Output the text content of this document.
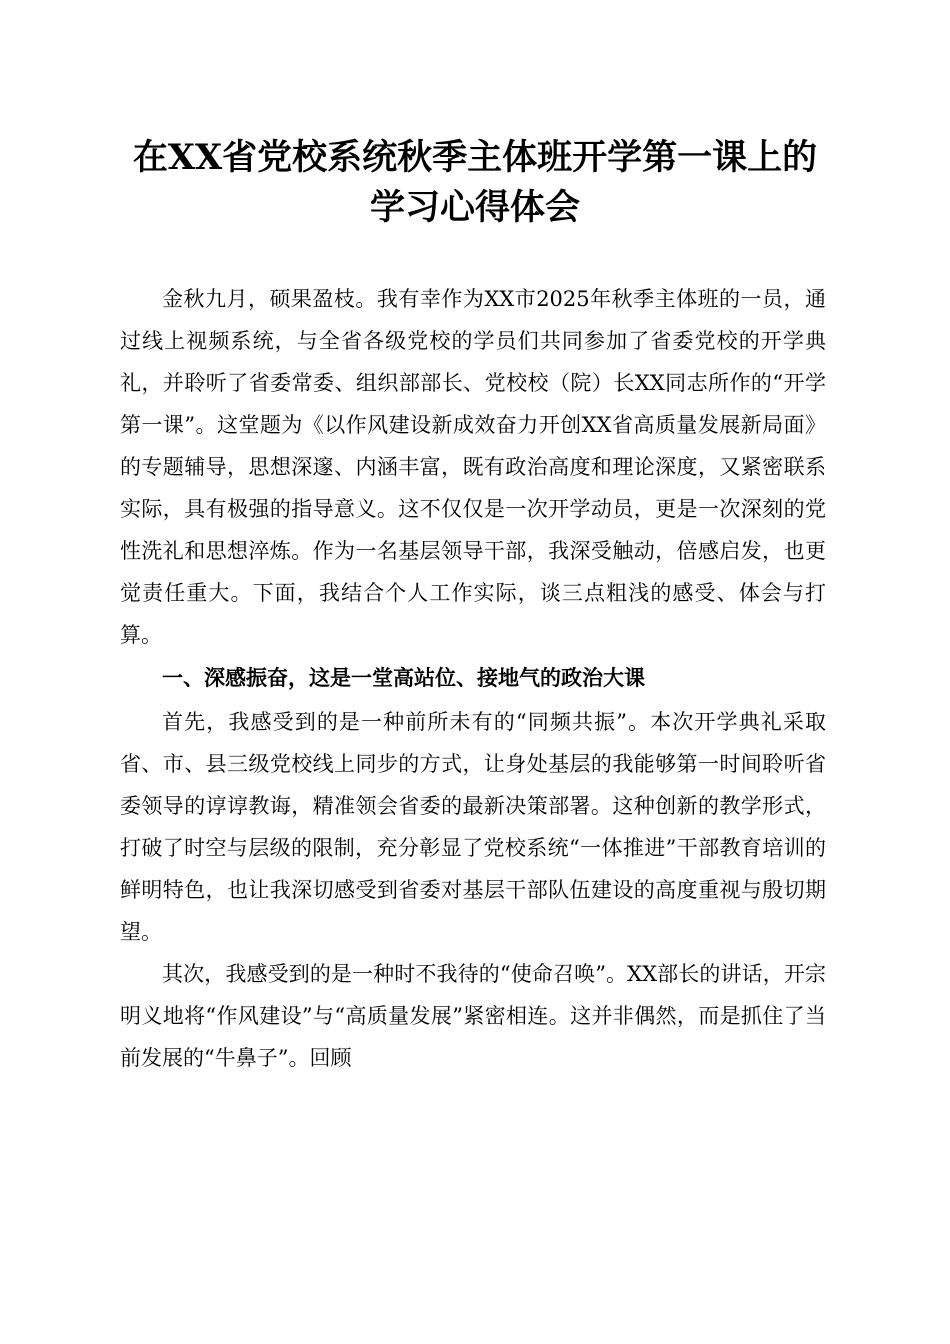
在XX省党校系统秋季主体班开学第一课上的
学习心得体会

金秋九月，硕果盈枝。我有幸作为XX市2025年秋季主体班的一员，通过线上视频系统，与全省各级党校的学员们共同参加了省委党校的开学典礼，并聆听了省委常委、组织部部长、党校校（院）长XX同志所作的“开学第一课”。这堂题为《以作风建设新成效奋力开创XX省高质量发展新局面》的专题辅导，思想深邃、内涵丰富，既有政治高度和理论深度，又紧密联系实际，具有极强的指导意义。这不仅仅是一次开学动员，更是一次深刻的党性洗礼和思想淬炼。作为一名基层领导干部，我深受触动，倍感启发，也更觉责任重大。下面，我结合个人工作实际，谈三点粗浅的感受、体会与打算。

一、深感振奋，这是一堂高站位、接地气的政治大课

首先，我感受到的是一种前所未有的“同频共振”。本次开学典礼采取省、市、县三级党校线上同步的方式，让身处基层的我能够第一时间聆听省委领导的谆谆教诲，精准领会省委的最新决策部署。这种创新的教学形式，打破了时空与层级的限制，充分彰显了党校系统“一体推进”干部教育培训的鲜明特色，也让我深切感受到省委对基层干部队伍建设的高度重视与殷切期望。

其次，我感受到的是一种时不我待的“使命召唤”。XX部长的讲话，开宗明义地将“作风建设”与“高质量发展”紧密相连。这并非偶然，而是抓住了当前发展的“牛鼻子”。回顾
